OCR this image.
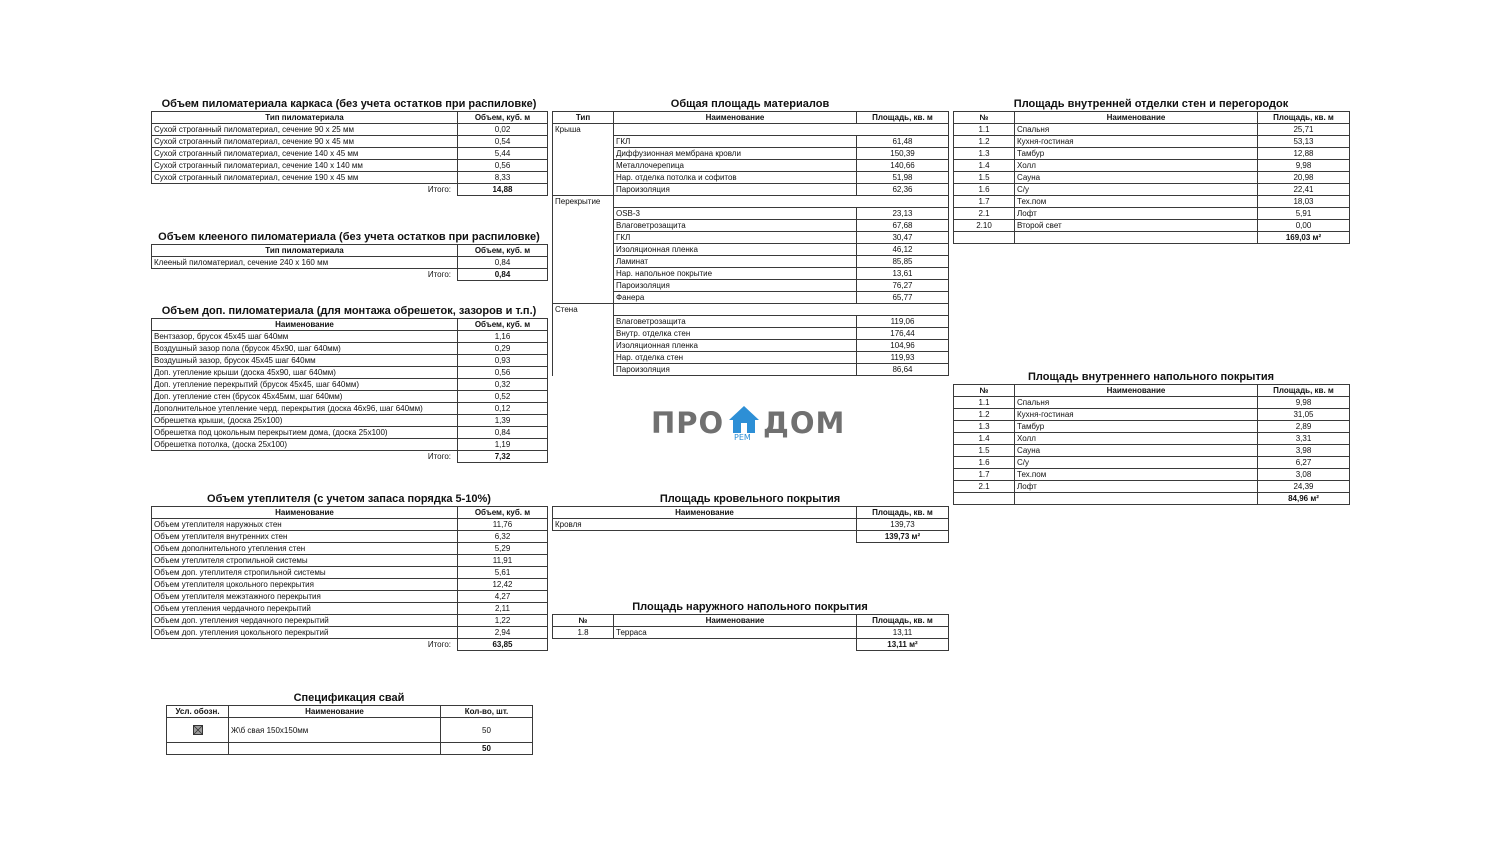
Объем пиломатериала каркаса (без учета остатков при распиловке)
Тип пиломатериала	Объем, куб. м
Сухой строганный пиломатериал, сечение 90 х 25 мм	0,02
Сухой строганный пиломатериал, сечение 90 х 45 мм	0,54
Сухой строганный пиломатериал, сечение 140 х 45 мм	5,44
Сухой строганный пиломатериал, сечение 140 х 140 мм	0,56
Сухой строганный пиломатериал, сечение 190 х 45 мм	8,33
Итого:	14,88
Объем клееного пиломатериала (без учета остатков при распиловке)
Тип пиломатериала	Объем, куб. м
Клееный пиломатериал, сечение 240 х 160 мм	0,84
Итого:	0,84
Объем доп. пиломатериала (для монтажа обрешеток, зазоров и т.п.)
Наименование	Объем, куб. м
Вентзазор, брусок 45х45 шаг 640мм	1,16
Воздушный зазор пола (брусок 45х90, шаг 640мм)	0,29
Воздушный зазор, брусок 45х45 шаг 640мм	0,93
Доп. утепление крыши (доска 45х90, шаг 640мм)	0,56
Доп. утепление перекрытий (брусок 45х45, шаг 640мм)	0,32
Доп. утепление стен (брусок 45х45мм, шаг 640мм)	0,52
Дополнительное утепление черд. перекрытия (доска 46х96, шаг 640мм)	0,12
Обрешетка крыши, (доска 25х100)	1,39
Обрешетка под цокольным перекрытием дома, (доска 25х100)	0,84
Обрешетка потолка, (доска 25х100)	1,19
Итого:	7,32
Объем утеплителя (с учетом запаса порядка 5-10%)
Наименование	Объем, куб. м
Объем утеплителя наружных стен	11,76
Объем утеплителя внутренних стен	6,32
Объем дополнительного утепления стен	5,29
Объем утеплителя стропильной системы	11,91
Объем доп. утеплителя стропильной системы	5,61
Объем утеплителя цокольного перекрытия	12,42
Объем утеплителя межэтажного перекрытия	4,27
Объем утепления чердачного перекрытий	2,11
Объем доп. утепления чердачного перекрытий	1,22
Объем доп. утепления цокольного перекрытий	2,94
Итого:	63,85
Спецификация свай
Усл. обозн.	Наименование	Кол-во, шт.
	Ж\б свая 150х150мм	50
		50
Общая площадь материалов
Тип	Наименование	Площадь, кв. м
Крыша		
	ГКЛ	61,48
	Диффузионная мембрана кровли	150,39
	Металлочерепица	140,66
	Нар. отделка потолка и софитов	51,98
	Пароизоляция	62,36
Перекрытие		
	OSB-3	23,13
	Влаговетрозащита	67,68
	ГКЛ	30,47
	Изоляционная пленка	46,12
	Ламинат	85,85
	Нар. напольное покрытие	13,61
	Пароизоляция	76,27
	Фанера	65,77
Стена		
	Влаговетрозащита	119,06
	Внутр. отделка стен	176,44
	Изоляционная пленка	104,96
	Нар. отделка стен	119,93
	Пароизоляция	86,64
ПРО РЕМ ДОМ
Площадь кровельного покрытия
Наименование	Площадь, кв. м
Кровля	139,73
	139,73 м²
Площадь наружного напольного покрытия
№	Наименование	Площадь, кв. м
1.8	Терраса	13,11
		13,11 м²
Площадь внутренней отделки стен и перегородок
№	Наименование	Площадь, кв. м
1.1	Спальня	25,71
1.2	Кухня-гостиная	53,13
1.3	Тамбур	12,88
1.4	Холл	9,98
1.5	Сауна	20,98
1.6	С/у	22,41
1.7	Тех.пом	18,03
2.1	Лофт	5,91
2.10	Второй свет	0,00
		169,03 м²
Площадь внутреннего напольного покрытия
№	Наименование	Площадь, кв. м
1.1	Спальня	9,98
1.2	Кухня-гостиная	31,05
1.3	Тамбур	2,89
1.4	Холл	3,31
1.5	Сауна	3,98
1.6	С/у	6,27
1.7	Тех.пом	3,08
2.1	Лофт	24,39
		84,96 м²
